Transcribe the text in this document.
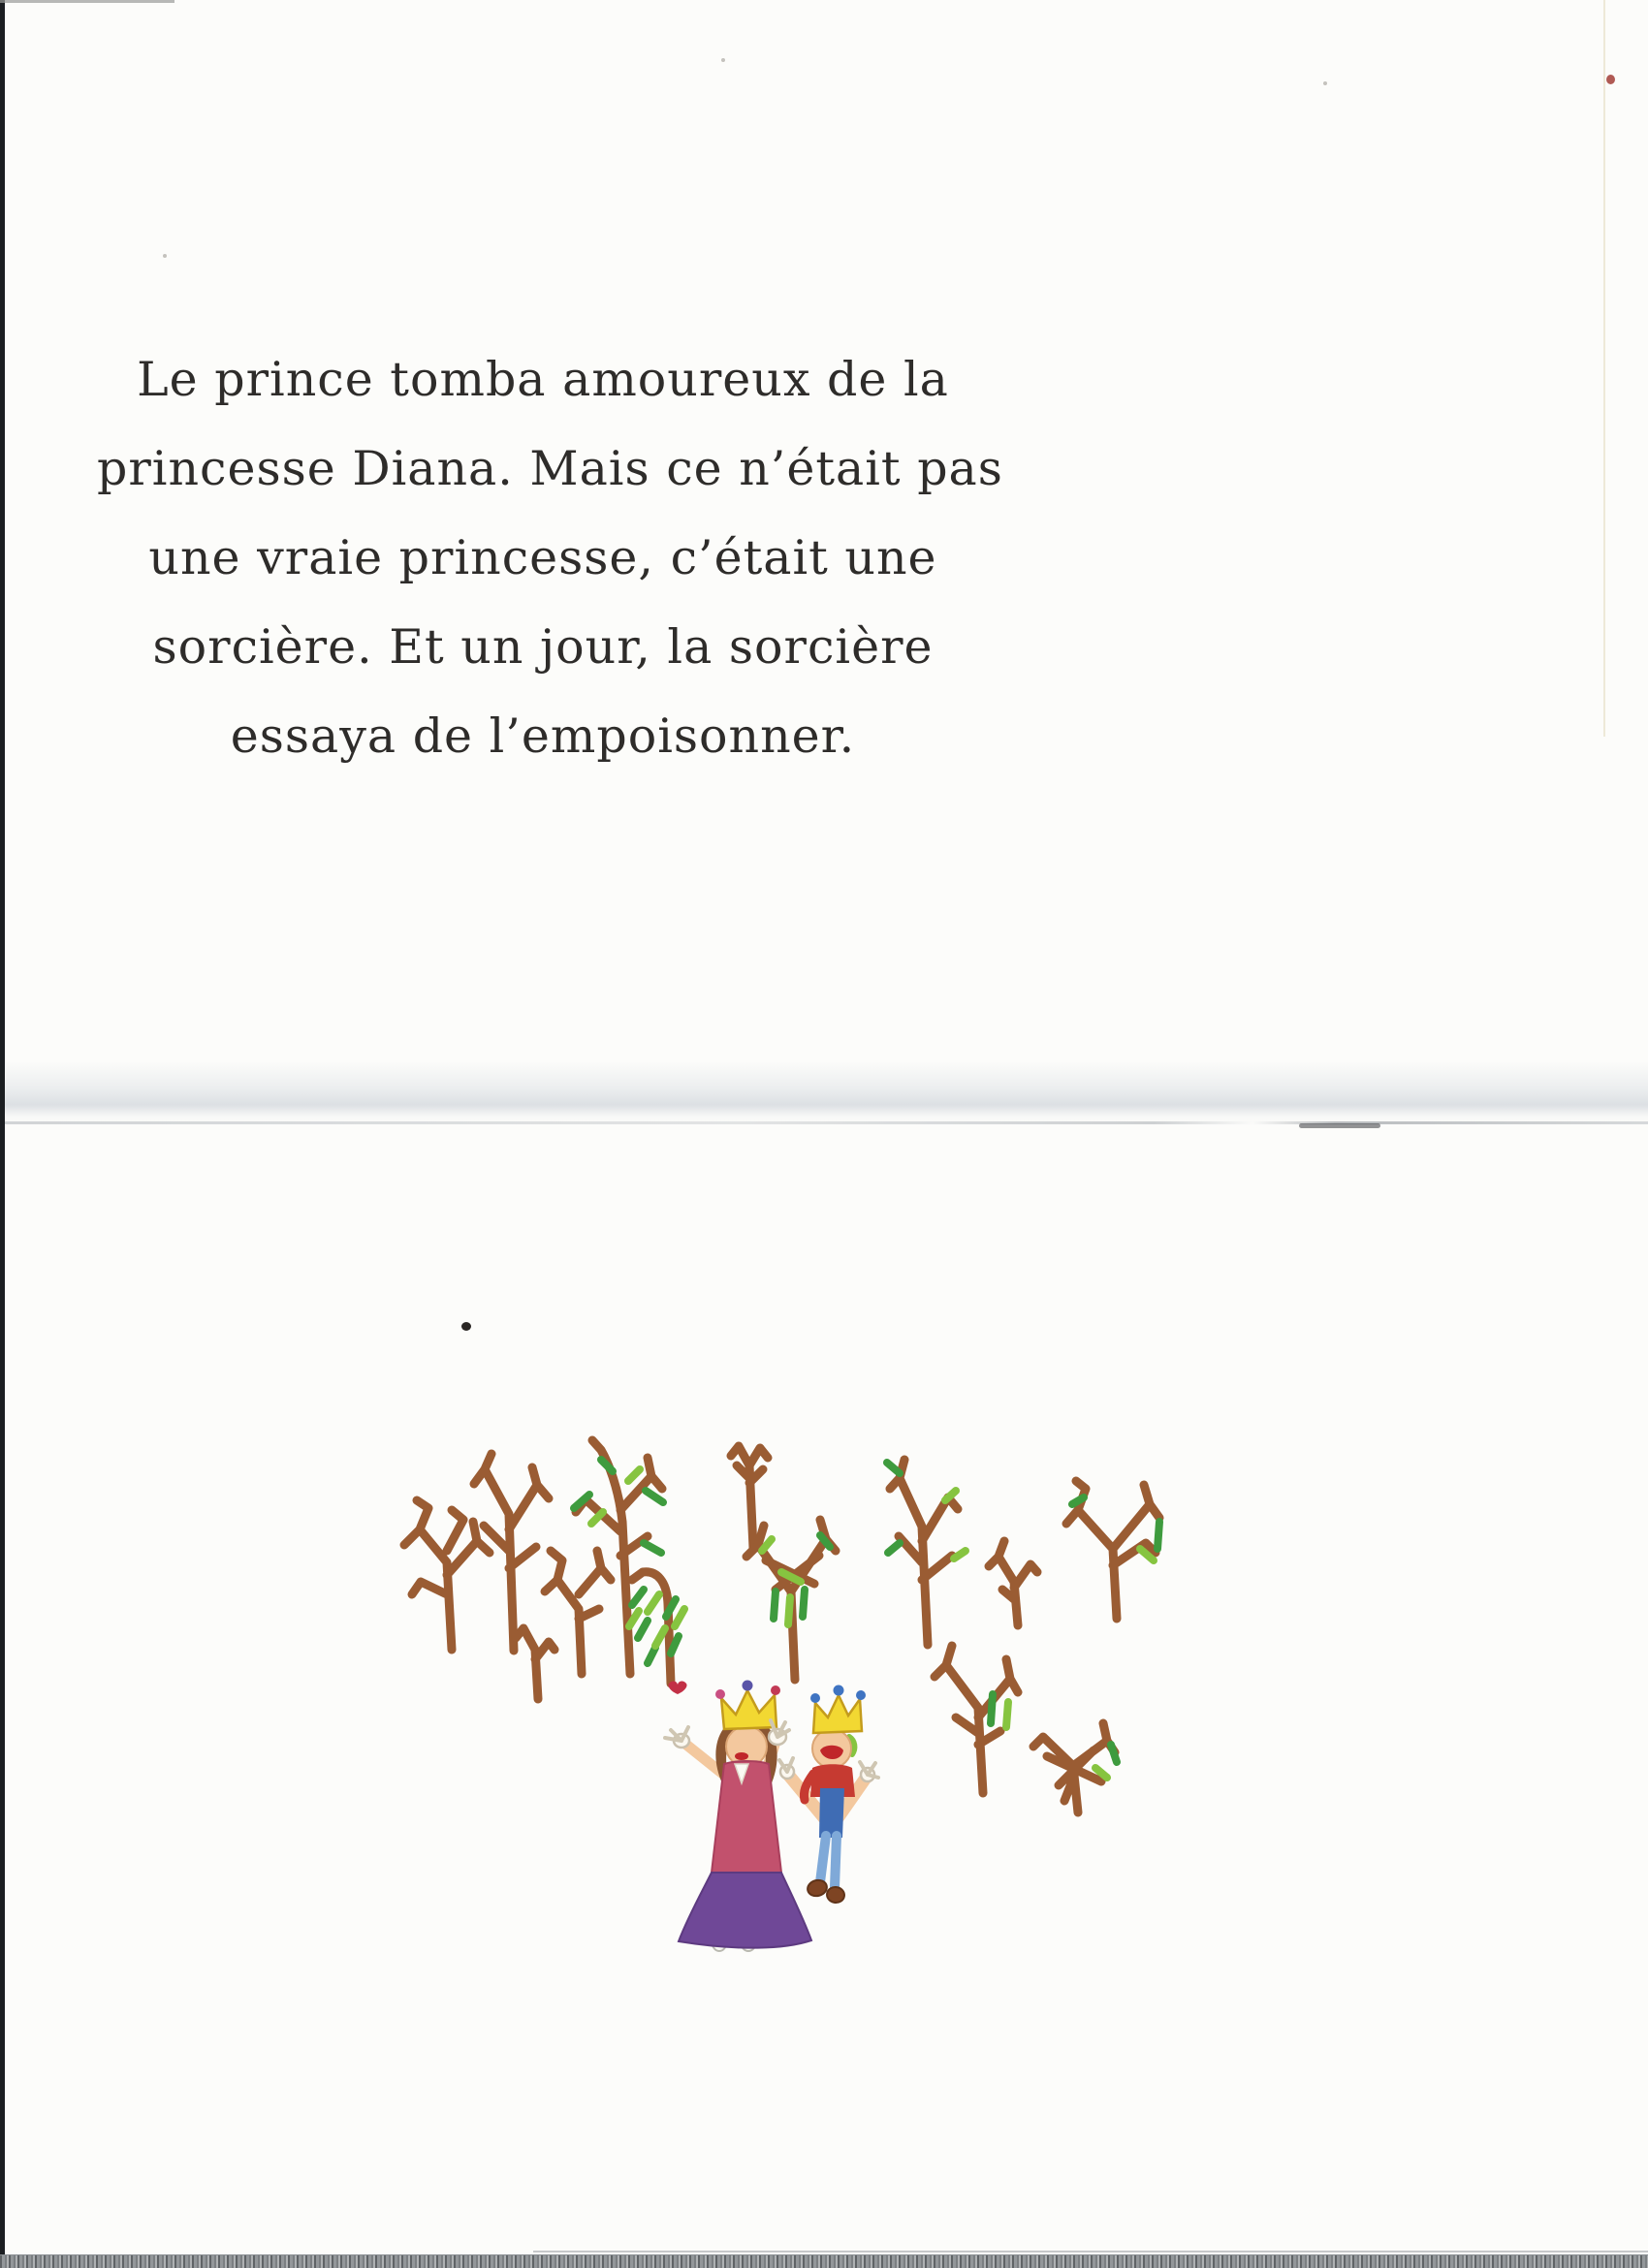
Le prince tomba amoureux de la
princesse Diana. Mais ce n’était pas
une vraie princesse, c’était une
sorcière. Et un jour, la sorcière
essaya de l’empoisonner.
